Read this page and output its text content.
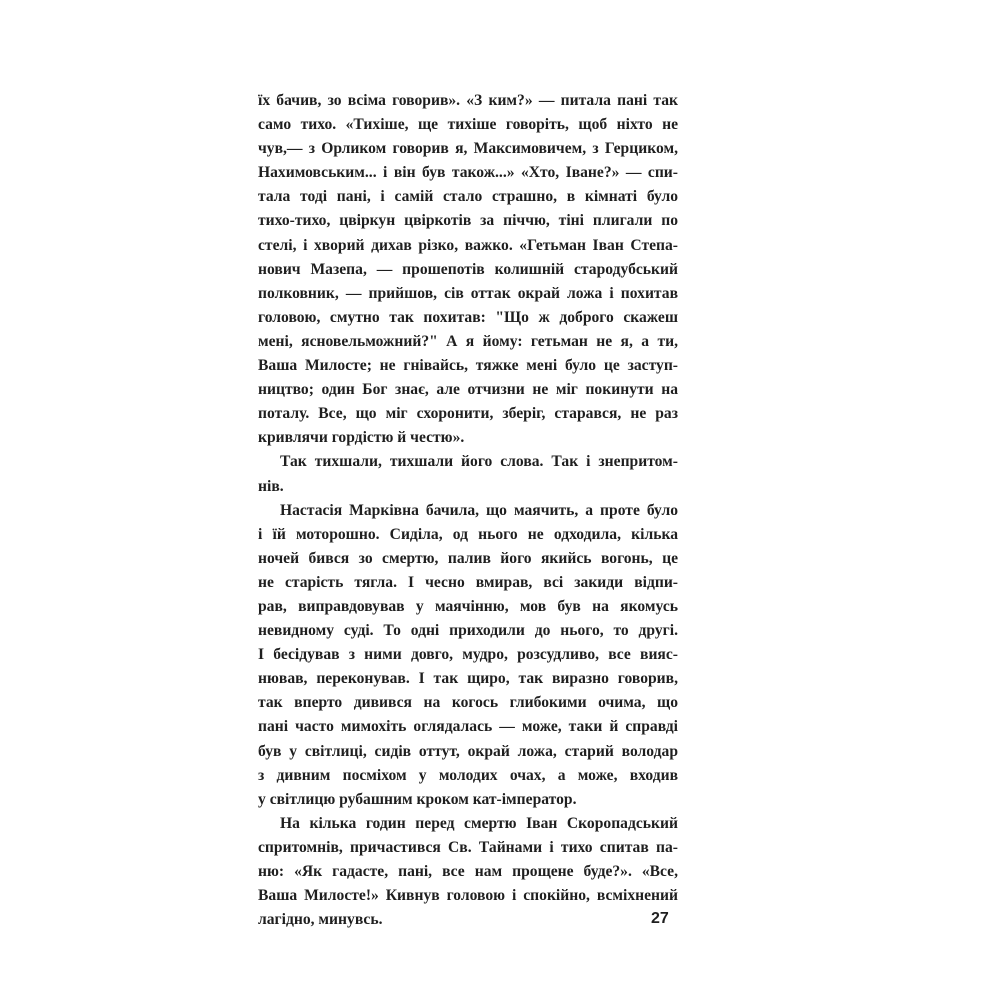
їх бачив, зо всіма говорив». «З ким?» — питала пані так
само тихо. «Тихіше, ще тихіше говоріть, щоб ніхто не
чув,— з Орликом говорив я, Максимовичем, з Герциком,
Нахимовським... і він був також...» «Хто, Іване?» — спи-
тала тоді пані, і самій стало страшно, в кімнаті було
тихо-тихо, цвіркун цвіркотів за піччю, тіні плигали по
стелі, і хворий дихав різко, важко. «Гетьман Іван Степа-
нович Мазепа, — прошепотів колишній стародубський
полковник, — прийшов, сів оттак окрай ложа і похитав
головою, смутно так похитав: "Що ж доброго скажеш
мені, ясновельможний?" А я йому: гетьман не я, а ти,
Ваша Милосте; не гнівайсь, тяжке мені було це заступ-
ництво; один Бог знає, але отчизни не міг покинути на
поталу. Все, що міг схоронити, зберіг, старався, не раз
кривлячи гордістю й честю».
Так тихшали, тихшали його слова. Так і знепритом-
нів.
Настасія Марківна бачила, що маячить, а проте було
і їй моторошно. Сиділа, од нього не одходила, кілька
ночей бився зо смертю, палив його якийсь вогонь, це
не старість тягла. І чесно вмирав, всі закиди відпи-
рав, виправдовував у маячінню, мов був на якомусь
невидному суді. То одні приходили до нього, то другі.
І бесідував з ними довго, мудро, розсудливо, все вияс-
нював, переконував. І так щиро, так виразно говорив,
так вперто дивився на когось глибокими очима, що
пані часто мимохіть оглядалась — може, таки й справді
був у світлиці, сидів оттут, окрай ложа, старий володар
з дивним посміхом у молодих очах, а може, входив
у світлицю рубашним кроком кат-імператор.
На кілька годин перед смертю Іван Скоропадський
спритомнів, причастився Св. Тайнами і тихо спитав па-
ню: «Як гадасте, пані, все нам прощене буде?». «Все,
Ваша Милосте!» Кивнув головою і спокійно, всміхнений
лагідно, минувсь.	27
